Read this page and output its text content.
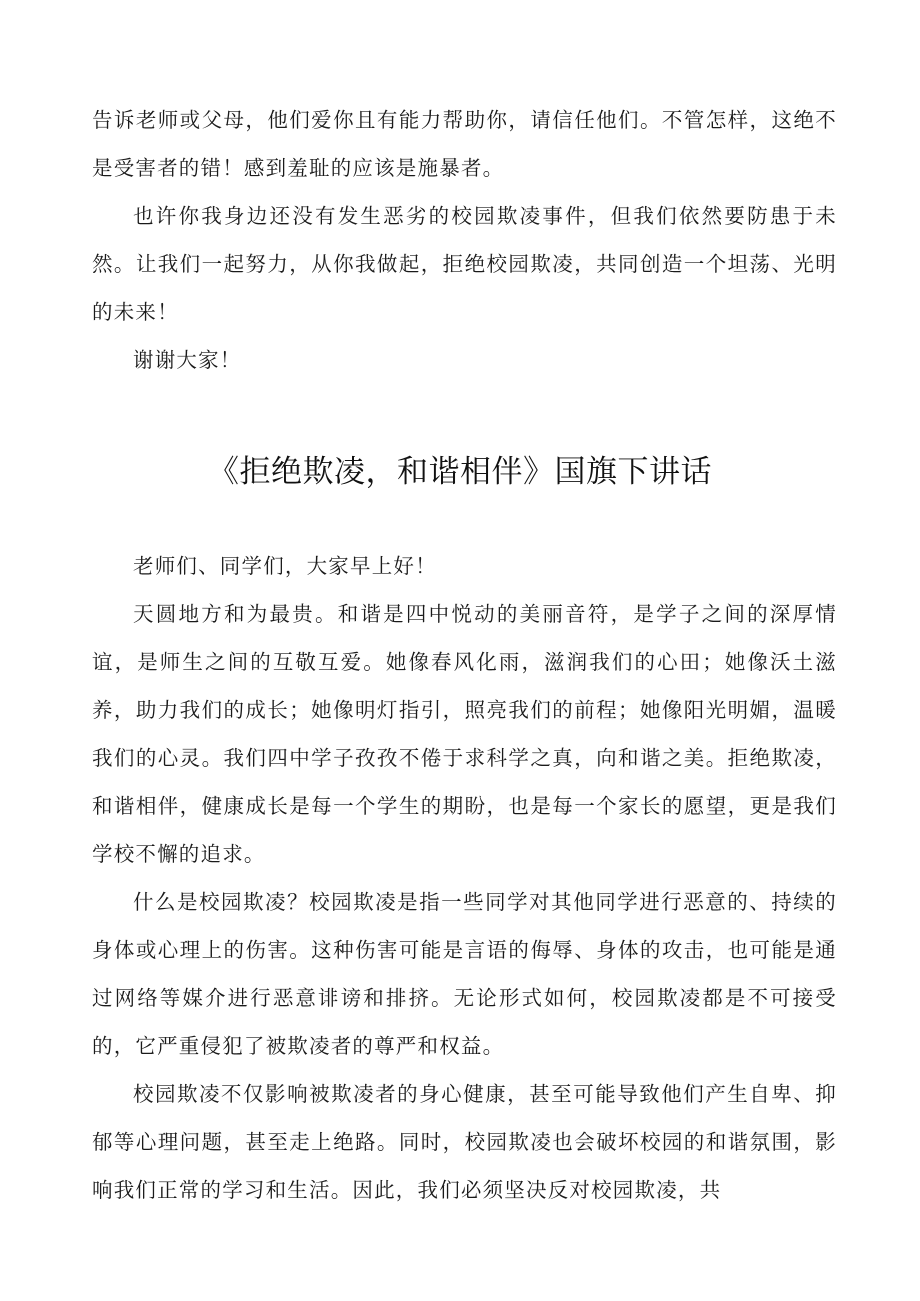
告诉老师或父母，他们爱你且有能力帮助你，请信任他们。不管怎样，这绝不是受害者的错！感到羞耻的应该是施暴者。

也许你我身边还没有发生恶劣的校园欺凌事件，但我们依然要防患于未然。让我们一起努力，从你我做起，拒绝校园欺凌，共同创造一个坦荡、光明的未来！

谢谢大家！

《拒绝欺凌，和谐相伴》国旗下讲话

老师们、同学们，大家早上好！

天圆地方和为最贵。和谐是四中悦动的美丽音符，是学子之间的深厚情谊，是师生之间的互敬互爱。她像春风化雨，滋润我们的心田；她像沃土滋养，助力我们的成长；她像明灯指引，照亮我们的前程；她像阳光明媚，温暖我们的心灵。我们四中学子孜孜不倦于求科学之真，向和谐之美。拒绝欺凌，和谐相伴，健康成长是每一个学生的期盼，也是每一个家长的愿望，更是我们学校不懈的追求。

什么是校园欺凌？校园欺凌是指一些同学对其他同学进行恶意的、持续的身体或心理上的伤害。这种伤害可能是言语的侮辱、身体的攻击，也可能是通过网络等媒介进行恶意诽谤和排挤。无论形式如何，校园欺凌都是不可接受的，它严重侵犯了被欺凌者的尊严和权益。

校园欺凌不仅影响被欺凌者的身心健康，甚至可能导致他们产生自卑、抑郁等心理问题，甚至走上绝路。同时，校园欺凌也会破坏校园的和谐氛围，影响我们正常的学习和生活。因此，我们必须坚决反对校园欺凌，共
